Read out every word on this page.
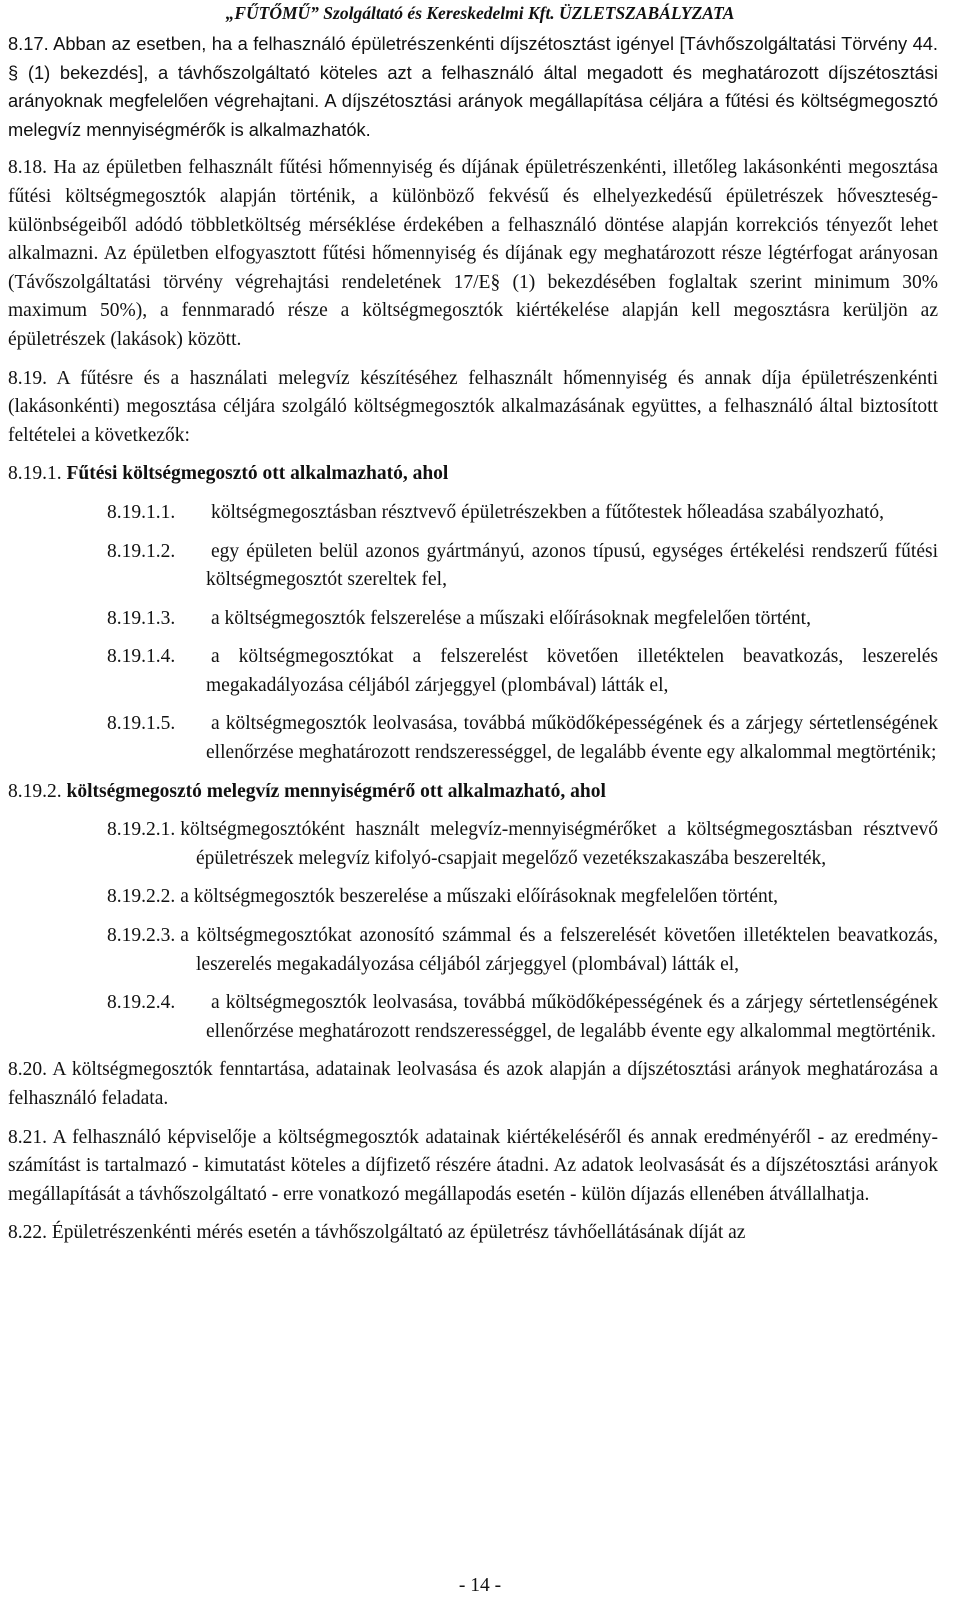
„FŰTŐMŰ” Szolgáltató és Kereskedelmi Kft. ÜZLETSZABÁLYZATA

8.17. Abban az esetben, ha a felhasználó épületrészenkénti díjszétosztást igényel [Távhőszolgáltatási Törvény 44. § (1) bekezdés], a távhőszolgáltató köteles azt a felhasználó által megadott és meghatározott díjszétosztási arányoknak megfelelően végrehajtani. A díjszétosztási arányok megállapítása céljára a fűtési és költségmegosztó melegvíz mennyiségmérők is alkalmazhatók.

8.18. Ha az épületben felhasznált fűtési hőmennyiség és díjának épületrészenkénti, illetőleg lakásonkénti megosztása fűtési költségmegosztók alapján történik, a különböző fekvésű és elhelyezkedésű épületrészek hőveszteség-különbségeiből adódó többletköltség mérséklése érdekében a felhasználó döntése alapján korrekciós tényezőt lehet alkalmazni. Az épületben elfogyasztott fűtési hőmennyiség és díjának egy meghatározott része légtérfogat arányosan (Távőszolgáltatási törvény végrehajtási rendeletének 17/E§ (1) bekezdésében foglaltak szerint minimum 30% maximum 50%), a fennmaradó része a költségmegosztók kiértékelése alapján kell megosztásra kerüljön az épületrészek (lakások) között.

8.19. A fűtésre és a használati melegvíz készítéséhez felhasznált hőmennyiség és annak díja épületrészenkénti (lakásonkénti) megosztása céljára szolgáló költségmegosztók alkalmazásának együttes, a felhasználó által biztosított feltételei a következők:

8.19.1. Fűtési költségmegosztó ott alkalmazható, ahol

8.19.1.1. költségmegosztásban résztvevő épületrészekben a fűtőtestek hőleadása szabályozható,

8.19.1.2. egy épületen belül azonos gyártmányú, azonos típusú, egységes értékelési rendszerű fűtési költségmegosztót szereltek fel,

8.19.1.3. a költségmegosztók felszerelése a műszaki előírásoknak megfelelően történt,

8.19.1.4. a költségmegosztókat a felszerelést követően illetéktelen beavatkozás, leszerelés megakadályozása céljából zárjeggyel (plombával) látták el,

8.19.1.5. a költségmegosztók leolvasása, továbbá működőképességének és a zárjegy sértetlenségének ellenőrzése meghatározott rendszerességgel, de legalább évente egy alkalommal megtörténik;

8.19.2. költségmegosztó melegvíz mennyiségmérő ott alkalmazható, ahol

8.19.2.1. költségmegosztóként használt melegvíz-mennyiségmérőket a költségmegosztásban résztvevő épületrészek melegvíz kifolyó-csapjait megelőző vezetékszakaszába beszerelték,

8.19.2.2. a költségmegosztók beszerelése a műszaki előírásoknak megfelelően történt,

8.19.2.3. a költségmegosztókat azonosító számmal és a felszerelését követően illetéktelen beavatkozás, leszerelés megakadályozása céljából zárjeggyel (plombával) látták el,

8.19.2.4. a költségmegosztók leolvasása, továbbá működőképességének és a zárjegy sértetlenségének ellenőrzése meghatározott rendszerességgel, de legalább évente egy alkalommal megtörténik.

8.20. A költségmegosztók fenntartása, adatainak leolvasása és azok alapján a díjszétosztási arányok meghatározása a felhasználó feladata.

8.21. A felhasználó képviselője a költségmegosztók adatainak kiértékeléséről és annak eredményéről - az eredmény-számítást is tartalmazó - kimutatást köteles a díjfizető részére átadni. Az adatok leolvasását és a díjszétosztási arányok megállapítását a távhőszolgáltató - erre vonatkozó megállapodás esetén - külön díjazás ellenében átvállalhatja.

8.22. Épületrészenkénti mérés esetén a távhőszolgáltató az épületrész távhőellátásának díját az

- 14 -
